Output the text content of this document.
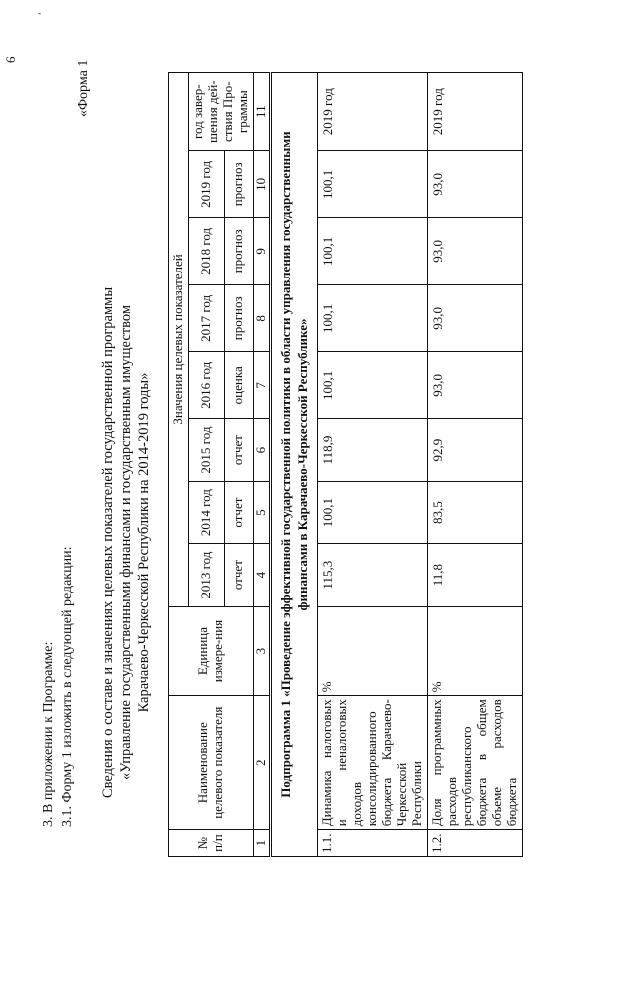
-
6
3. В приложении к Программе: 3.1. Форму 1 изложить в следующей редакции:
«Форма 1
Сведения о составе и значениях целевых показателей государственной программы «Управление государственными финансами и государственным имуществом Карачаево-Черкесской Республики на 2014-2019 годы»
№ п/п	Наименование целевого показателя	Единица измере-ния	Значения целевых показателей							
			2013 год	2014 год	2015 год	2016 год	2017 год	2018 год	2019 год	год завер-шения дей-ствия Про-граммы
			отчет	отчет	отчет	оценка	прогноз	прогноз	прогноз	
1	2	3	4	5	6	7	8	9	10	11
Подпрограмма 1 «Проведение эффективной государственной политики в области управления государственными финансами в Карачаево-Черкесской Республике»										
1.1.	Динамика налоговых и неналоговых доходов консолидированного бюджета Карачаево-Черкесской Республики	%	115,3	100,1	118,9	100,1	100,1	100,1	100,1	2019 год
1.2.	Доля программных расходов республиканского бюджета в общем объеме расходов бюджета	%	11,8	83,5	92,9	93,0	93,0	93,0	93,0	2019 год
